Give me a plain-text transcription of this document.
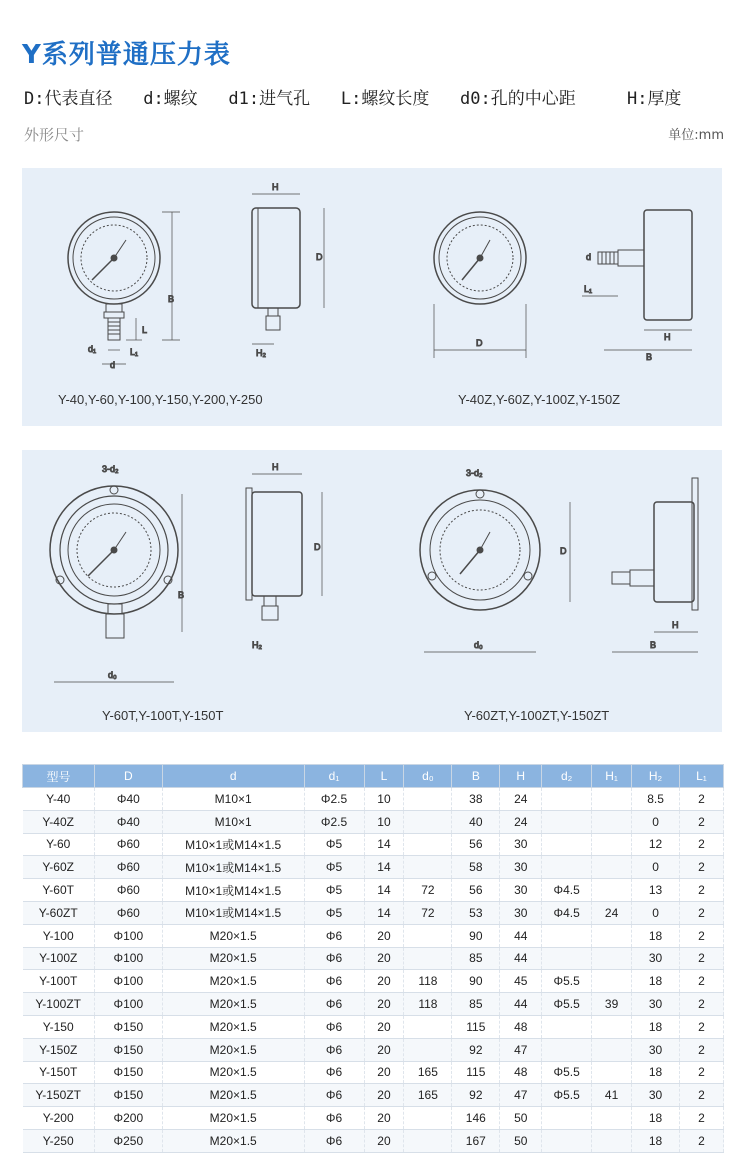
Y系列普通压力表
D:代表直径 d:螺纹 d1:进气孔 L:螺纹长度 d0:孔的中心距	H:厚度
外形尺寸	单位:mm
B
L
L₁
d₁
d
H
D
H₂
D
H
B
L₁
d
Y-40,Y-60,Y-100,Y-150,Y-200,Y-250	Y-40Z,Y-60Z,Y-100Z,Y-150Z
3-d₂
B
d₀
H
D
H₂
3-d₂
d₀
D
H
B
Y-60T,Y-100T,Y-150T	Y-60ZT,Y-100ZT,Y-150ZT
型号	D	d	d₁	L	d₀	B	H	d₂	H₁	H₂	L₁
Y-40	Φ40	M10×1	Φ2.5	10		38	24			8.5	2
Y-40Z	Φ40	M10×1	Φ2.5	10		40	24			0	2
Y-60	Φ60	M10×1或M14×1.5	Φ5	14		56	30			12	2
Y-60Z	Φ60	M10×1或M14×1.5	Φ5	14		58	30			0	2
Y-60T	Φ60	M10×1或M14×1.5	Φ5	14	72	56	30	Φ4.5		13	2
Y-60ZT	Φ60	M10×1或M14×1.5	Φ5	14	72	53	30	Φ4.5	24	0	2
Y-100	Φ100	M20×1.5	Φ6	20		90	44			18	2
Y-100Z	Φ100	M20×1.5	Φ6	20		85	44			30	2
Y-100T	Φ100	M20×1.5	Φ6	20	118	90	45	Φ5.5		18	2
Y-100ZT	Φ100	M20×1.5	Φ6	20	118	85	44	Φ5.5	39	30	2
Y-150	Φ150	M20×1.5	Φ6	20		115	48			18	2
Y-150Z	Φ150	M20×1.5	Φ6	20		92	47			30	2
Y-150T	Φ150	M20×1.5	Φ6	20	165	115	48	Φ5.5		18	2
Y-150ZT	Φ150	M20×1.5	Φ6	20	165	92	47	Φ5.5	41	30	2
Y-200	Φ200	M20×1.5	Φ6	20		146	50			18	2
Y-250	Φ250	M20×1.5	Φ6	20		167	50			18	2
